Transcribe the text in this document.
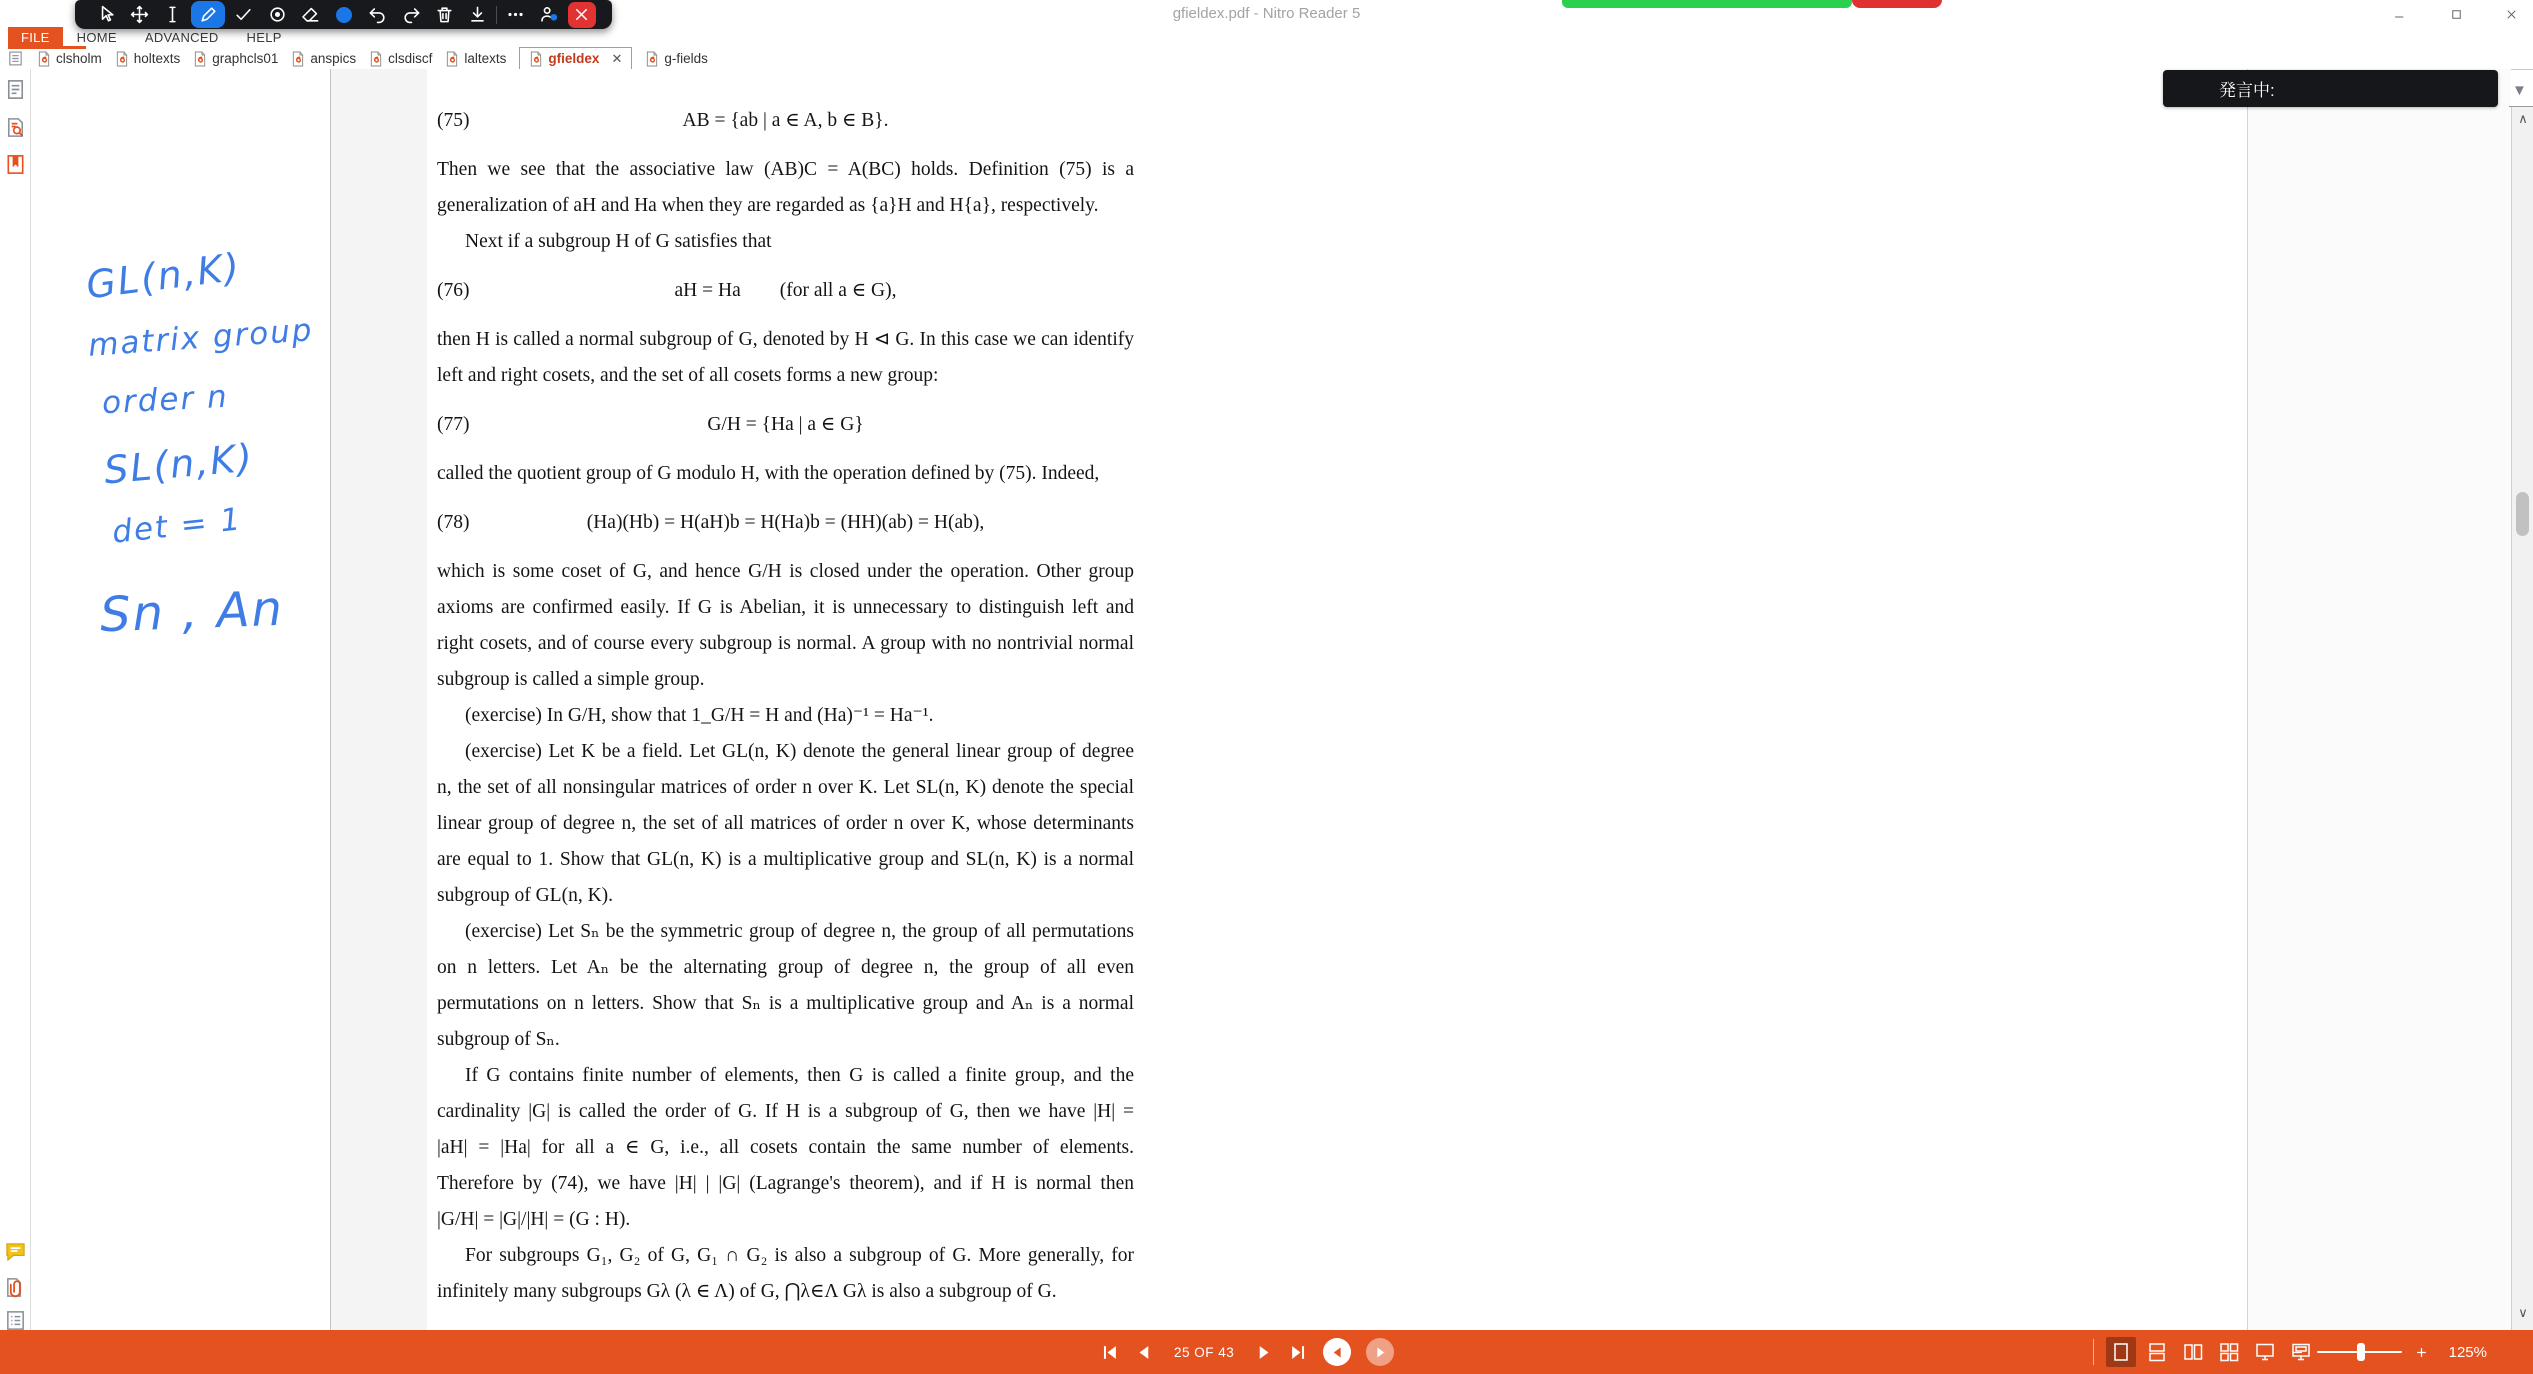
gfieldex.pdf - Nitro Reader 5
FILE	HOME	ADVANCED	HELP
clsholm holtexts graphcls01 anspics clsdiscf laltexts	gfieldex ✕	g-fields
(75)	AB = {ab | a ∈ A, b ∈ B}.
Then we see that the associative law (AB)C = A(BC) holds. Definition (75) is a
generalization of aH and Ha when they are regarded as {a}H and H{a}, respectively.
Next if a subgroup H of G satisfies that
(76)	aH = Ha  (for all a ∈ G),
then H is called a normal subgroup of G, denoted by H ⊲ G. In this case we can identify
left and right cosets, and the set of all cosets forms a new group:
(77)	G/H = {Ha | a ∈ G}
called the quotient group of G modulo H, with the operation defined by (75). Indeed,
(78)	(Ha)(Hb) = H(aH)b = H(Ha)b = (HH)(ab) = H(ab),
which is some coset of G, and hence G/H is closed under the operation. Other group
axioms are confirmed easily. If G is Abelian, it is unnecessary to distinguish left and
right cosets, and of course every subgroup is normal. A group with no nontrivial normal
subgroup is called a simple group.
(exercise) In G/H, show that 1_G/H = H and (Ha)⁻¹ = Ha⁻¹.
(exercise) Let K be a field. Let GL(n, K) denote the general linear group of degree
n, the set of all nonsingular matrices of order n over K. Let SL(n, K) denote the special
linear group of degree n, the set of all matrices of order n over K, whose determinants
are equal to 1. Show that GL(n, K) is a multiplicative group and SL(n, K) is a normal
subgroup of GL(n, K).
(exercise) Let Sₙ be the symmetric group of degree n, the group of all permutations
on n letters. Let Aₙ be the alternating group of degree n, the group of all even
permutations on n letters. Show that Sₙ is a multiplicative group and Aₙ is a normal
subgroup of Sₙ.
If G contains finite number of elements, then G is called a finite group, and the
cardinality |G| is called the order of G. If H is a subgroup of G, then we have |H| =
|aH| = |Ha| for all a ∈ G, i.e., all cosets contain the same number of elements.
Therefore by (74), we have |H| | |G| (Lagrange's theorem), and if H is normal then
|G/H| = |G|/|H| = (G : H).
For subgroups G₁, G₂ of G, G₁ ∩ G₂ is also a subgroup of G. More generally, for
infinitely many subgroups Gλ (λ ∈ Λ) of G, ⋂λ∈Λ Gλ is also a subgroup of G.
発言中:
GL(n,K)
matrix group
order n
SL(n,K)
det = 1
Sn , An
▼
∧
∨
25 OF 43	125%
